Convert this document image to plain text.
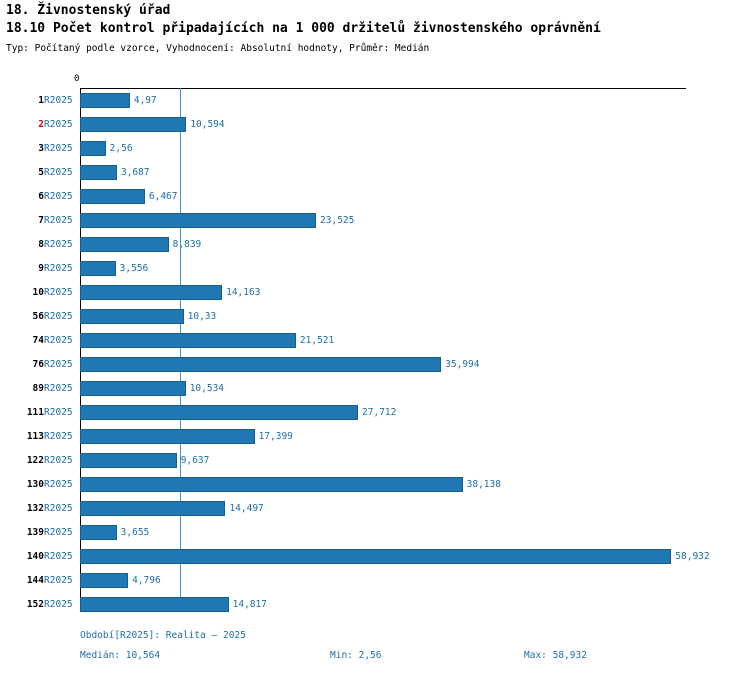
18. Živnostenský úřad
18.10 Počet kontrol připadajících na 1 000 držitelů živnostenského oprávnění
Typ: Počítaný podle vzorce, Vyhodnocení: Absolutní hodnoty, Průměr: Medián
0
1 R2025	4,97
2 R2025	10,594
3 R2025	2,56
5 R2025	3,687
6 R2025	6,467
7 R2025	23,525
8 R2025	8,839
9 R2025	3,556
10 R2025	14,163
56 R2025	10,33
74 R2025	21,521
76 R2025	35,994
89 R2025	10,534
111 R2025	27,712
113 R2025	17,399
122 R2025	9,637
130 R2025	38,138
132 R2025	14,497
139 R2025	3,655
140 R2025	58,932
144 R2025	4,796
152 R2025	14,817
Období[R2025]: Realita – 2025
Medián: 10,564	Min: 2,56	Max: 58,932
